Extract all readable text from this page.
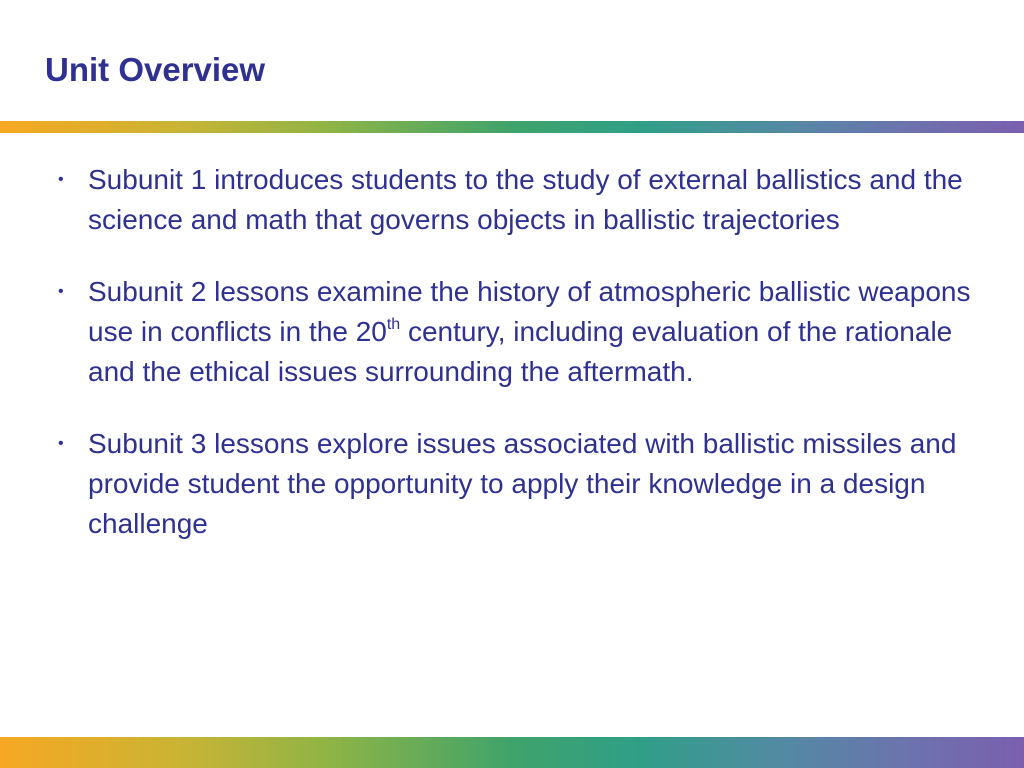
Unit Overview
• Subunit 1 introduces students to the study of external ballistics and the science and math that governs objects in ballistic trajectories
• Subunit 2 lessons examine the history of atmospheric ballistic weapons use in conflicts in the 20th century, including evaluation of the rationale and the ethical issues surrounding the aftermath.
• Subunit 3 lessons explore issues associated with ballistic missiles and provide student the opportunity to apply their knowledge in a design challenge
